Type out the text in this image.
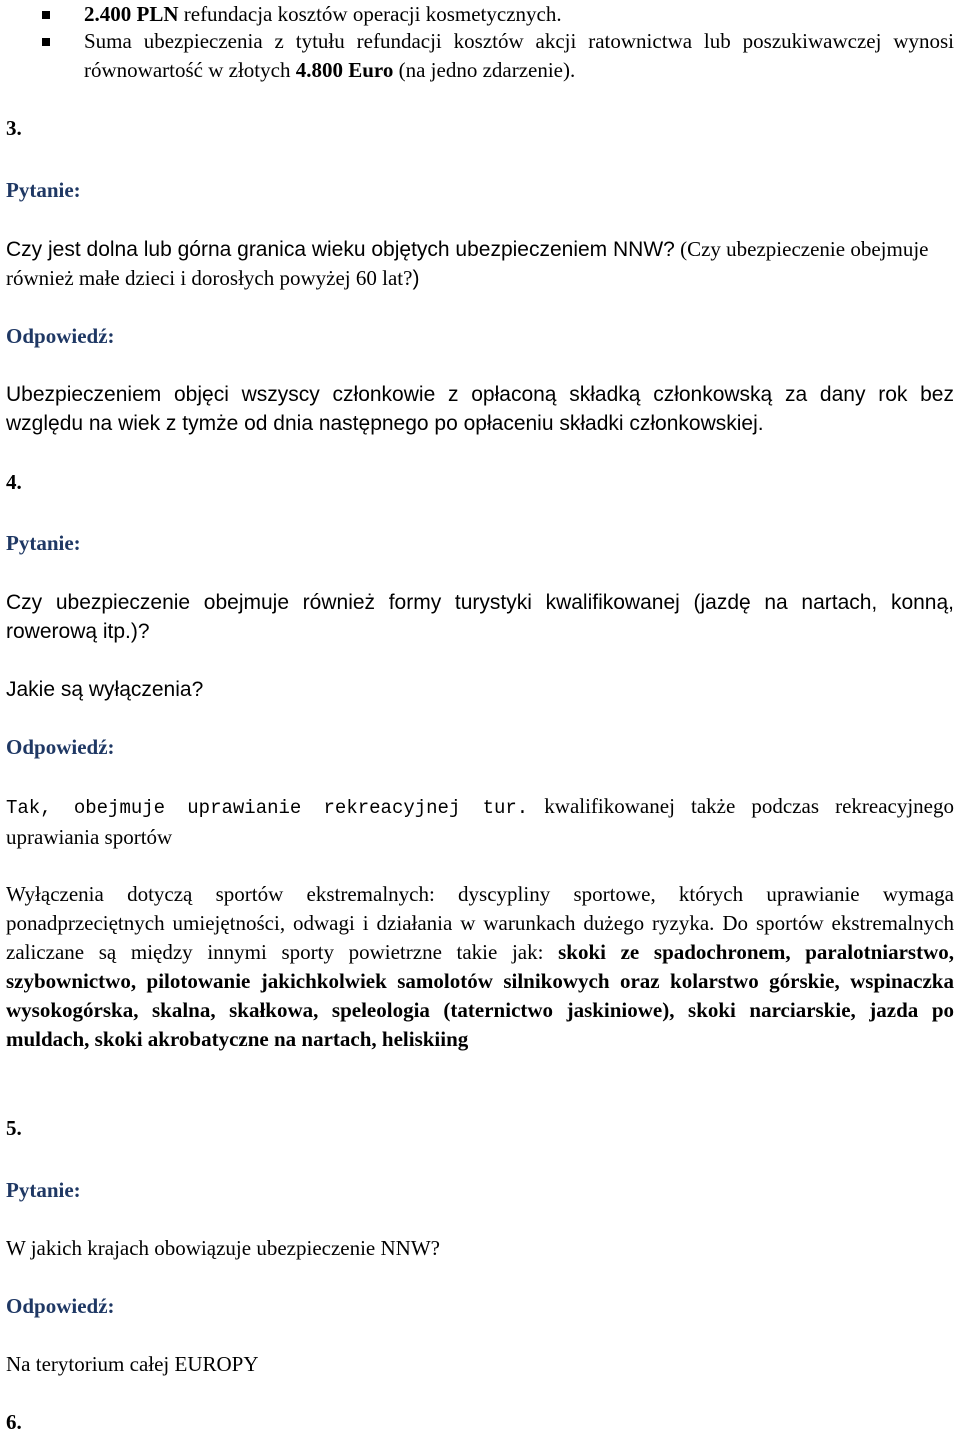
2.400 PLN refundacja kosztów operacji kosmetycznych.
Suma ubezpieczenia z tytułu refundacji kosztów akcji ratownictwa lub poszukiwawczej wynosi równowartość w złotych 4.800 Euro (na jedno zdarzenie).
3.
Pytanie:
Czy jest dolna lub górna granica wieku objętych ubezpieczeniem NNW? (Czy ubezpieczenie obejmuje również małe dzieci i dorosłych powyżej 60 lat?)
Odpowiedź:
Ubezpieczeniem objęci wszyscy członkowie z opłaconą składką członkowską za dany rok bez względu na wiek z tymże od dnia następnego po opłaceniu składki członkowskiej.
4.
Pytanie:
Czy ubezpieczenie obejmuje również formy turystyki kwalifikowanej (jazdę na nartach, konną, rowerową itp.)?
Jakie są wyłączenia?
Odpowiedź:
Tak, obejmuje uprawianie rekreacyjnej tur. kwalifikowanej także podczas rekreacyjnego uprawiania sportów
Wyłączenia dotyczą sportów ekstremalnych: dyscypliny sportowe, których uprawianie wymaga ponadprzeciętnych umiejętności, odwagi i działania w warunkach dużego ryzyka. Do sportów ekstremalnych zaliczane są między innymi sporty powietrzne takie jak: skoki ze spadochronem, paralotniarstwo, szybownictwo, pilotowanie jakichkolwiek samolotów silnikowych oraz kolarstwo górskie, wspinaczka wysokogórska, skalna, skałkowa, speleologia (taternictwo jaskiniowe), skoki narciarskie, jazda po muldach, skoki akrobatyczne na nartach, heliskiing
5.
Pytanie:
W jakich krajach obowiązuje ubezpieczenie NNW?
Odpowiedź:
Na terytorium całej EUROPY
6.
